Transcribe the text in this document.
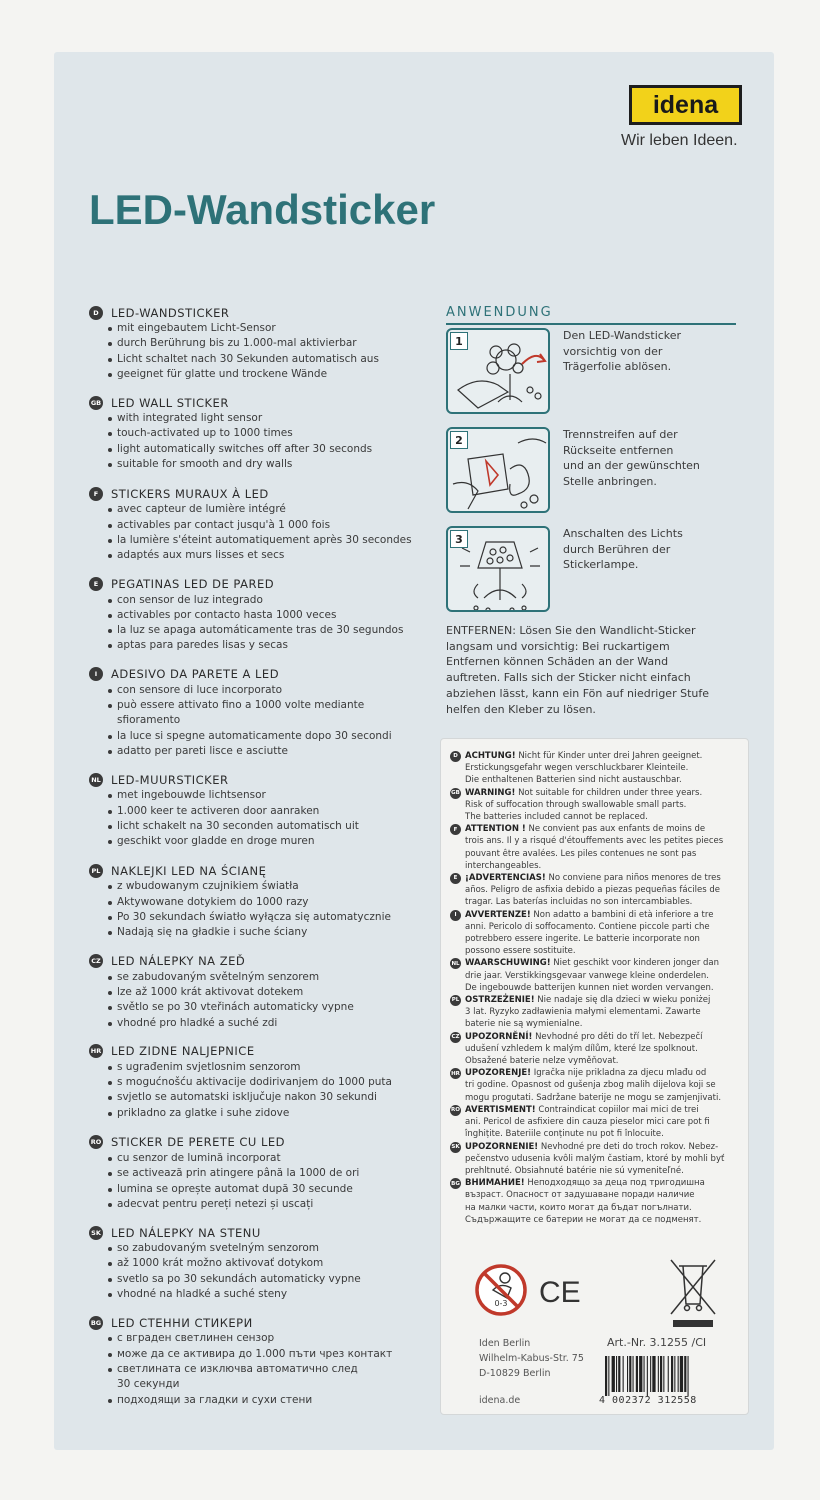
idena
Wir leben Ideen.
LED-Wandsticker
D	LED-WANDSTICKER
mit eingebautem Licht-Sensor
durch Berührung bis zu 1.000-mal aktivierbar
Licht schaltet nach 30 Sekunden automatisch aus
geeignet für glatte und trockene Wände
GB LED WALL STICKER
with integrated light sensor
touch-activated up to 1000 times
light automatically switches off after 30 seconds
suitable for smooth and dry walls
F	STICKERS MURAUX À LED
avec capteur de lumière intégré
activables par contact jusqu'à 1 000 fois
la lumière s'éteint automatiquement après 30 secondes
adaptés aux murs lisses et secs
E	PEGATINAS LED DE PARED
con sensor de luz integrado
activables por contacto hasta 1000 veces
la luz se apaga automáticamente tras de 30 segundos
aptas para paredes lisas y secas
I	ADESIVO DA PARETE A LED
con sensore di luce incorporato
può essere attivato fino a 1000 volte mediante
sfioramento
la luce si spegne automaticamente dopo 30 secondi
adatto per pareti lisce e asciutte
NL LED-MUURSTICKER
met ingebouwde lichtsensor
1.000 keer te activeren door aanraken
licht schakelt na 30 seconden automatisch uit
geschikt voor gladde en droge muren
PL NAKLEJKI LED NA ŚCIANĘ
z wbudowanym czujnikiem światła
Aktywowane dotykiem do 1000 razy
Po 30 sekundach światło wyłącza się automatycznie
Nadają się na gładkie i suche ściany
CZ LED NÁLEPKY NA ZEĎ
se zabudovaným světelným senzorem
lze až 1000 krát aktivovat dotekem
světlo se po 30 vteřinách automaticky vypne
vhodné pro hladké a suché zdi
HR LED ZIDNE NALJEPNICE
s ugrađenim svjetlosnim senzorom
s mogućnošću aktivacije dodirivanjem do 1000 puta
svjetlo se automatski isključuje nakon 30 sekundi
prikladno za glatke i suhe zidove
RO STICKER DE PERETE CU LED
cu senzor de lumină incorporat
se activează prin atingere până la 1000 de ori
lumina se oprește automat după 30 secunde
adecvat pentru pereți netezi și uscați
SK LED NÁLEPKY NA STENU
so zabudovaným svetelným senzorom
až 1000 krát možno aktivovať dotykom
svetlo sa po 30 sekundách automaticky vypne
vhodné na hladké a suché steny
BG LED СТЕННИ СТИКЕРИ
с вграден светлинен сензор
може да се активира до 1.000 пъти чрез контакт
светлината се изключва автоматично след
30 секунди
подходящи за гладки и сухи стени
ANWENDUNG
1	Den LED-Wandsticker
vorsichtig von der
Trägerfolie ablösen.
2	Trennstreifen auf der
Rückseite entfernen
und an der gewünschten
Stelle anbringen.
3	Anschalten des Lichts
durch Berühren der
Stickerlampe.
ENTFERNEN: Lösen Sie den Wandlicht-Sticker
langsam und vorsichtig: Bei ruckartigem
Entfernen können Schäden an der Wand
auftreten. Falls sich der Sticker nicht einfach
abziehen lässt, kann ein Fön auf niedriger Stufe
helfen den Kleber zu lösen.
D ACHTUNG! Nicht für Kinder unter drei Jahren geeignet.
Erstickungsgefahr wegen verschluckbarer Kleinteile.
Die enthaltenen Batterien sind nicht austauschbar.
GB WARNING! Not suitable for children under three years.
Risk of suffocation through swallowable small parts.
The batteries included cannot be replaced.
F ATTENTION ! Ne convient pas aux enfants de moins de
trois ans. Il y a risqué d'étouffements avec les petites pieces
pouvant être avalées. Les piles contenues ne sont pas
interchangeables.
E ¡ADVERTENCIAS! No conviene para niños menores de tres
años. Peligro de asfixia debido a piezas pequeñas fáciles de
tragar. Las baterías incluidas no son intercambiables.
I AVVERTENZE! Non adatto a bambini di età inferiore a tre
anni. Pericolo di soffocamento. Contiene piccole parti che
potrebbero essere ingerite. Le batterie incorporate non
possono essere sostituite.
NL WAARSCHUWING! Niet geschikt voor kinderen jonger dan
drie jaar. Verstikkingsgevaar vanwege kleine onderdelen.
De ingebouwde batterijen kunnen niet worden vervangen.
PL OSTRZEŻENIE! Nie nadaje się dla dzieci w wieku poniżej
3 lat. Ryzyko zadławienia małymi elementami. Zawarte
baterie nie są wymienialne.
CZ UPOZORNĚNÍ! Nevhodné pro děti do tří let. Nebezpečí
udušení vzhledem k malým dílům, které lze spolknout.
Obsažené baterie nelze vyměňovat.
HR UPOZORENJE! Igračka nije prikladna za djecu mlađu od
tri godine. Opasnost od gušenja zbog malih dijelova koji se
mogu progutati. Sadržane baterije ne mogu se zamjenjivati.
RO AVERTISMENT! Contraindicat copiilor mai mici de trei
ani. Pericol de asfixiere din cauza pieselor mici care pot fi
înghițite. Bateriile conținute nu pot fi înlocuite.
SK UPOZORNENIE! Nevhodné pre deti do troch rokov. Nebez-
pečenstvo udusenia kvôli malým častiam, ktoré by mohli byť
prehltnuté. Obsiahnuté batérie nie sú vymeniteľné.
BG ВНИМАНИЕ! Неподходящо за деца под тригодишна
възраст. Опасност от задушаване поради наличие
на малки части, които могат да бъдат погълнати.
Съдържащите се батерии не могат да се подменят.
0-3 CE
Iden Berlin
Wilhelm-Kabus-Str. 75
D-10829 Berlin
Art.-Nr. 3.1255 /CI
4 002372 312558
idena.de
